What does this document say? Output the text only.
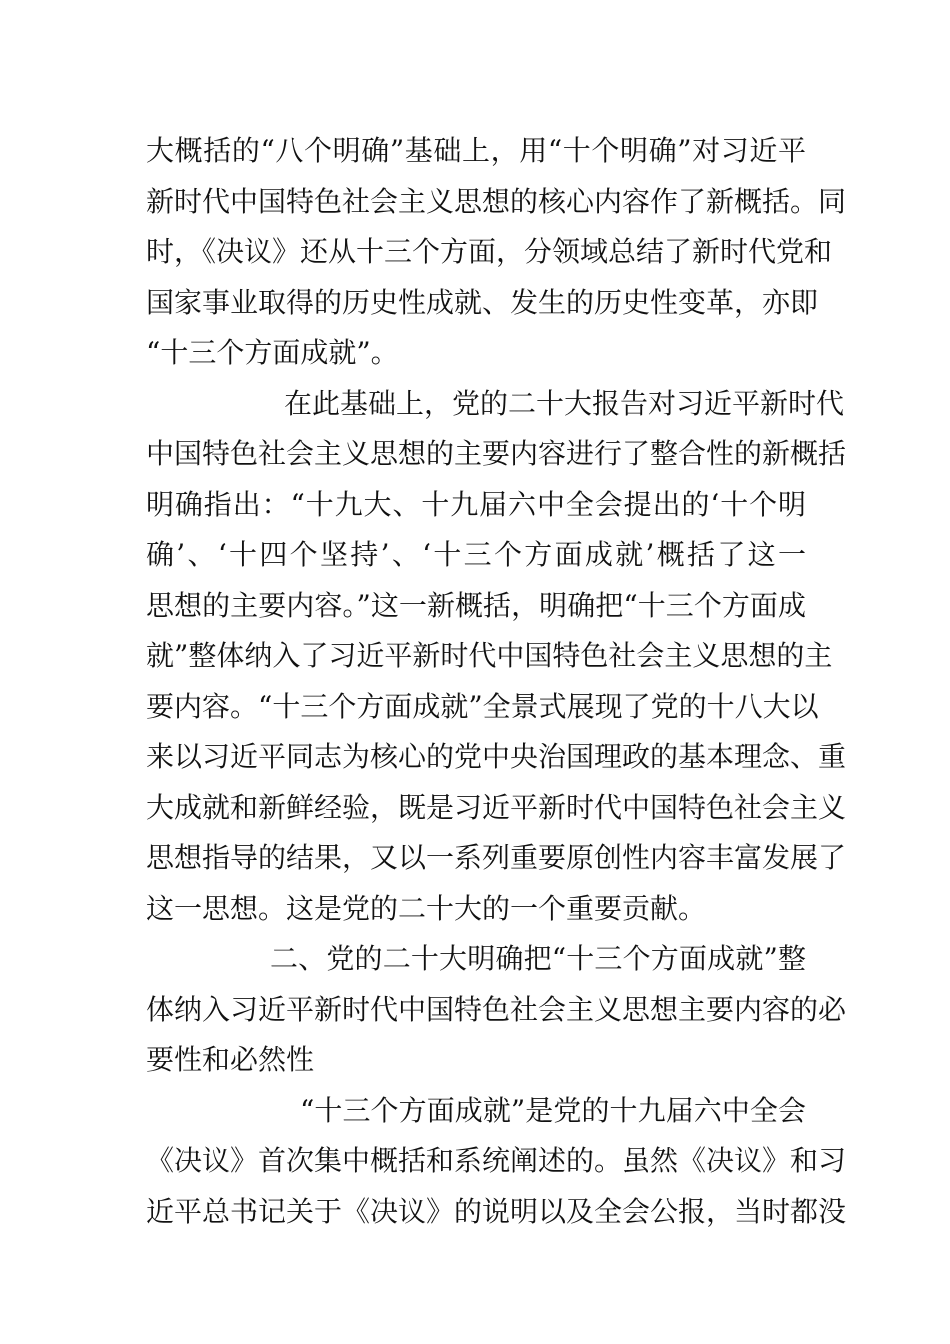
大概括的“八个明确”基础上，用“十个明确”对习近平
新时代中国特色社会主义思想的核心内容作了新概括。同
时，《决议》还从十三个方面，分领域总结了新时代党和
国家事业取得的历史性成就、发生的历史性变革，亦即
“十三个方面成就”。
在此基础上，党的二十大报告对习近平新时代
中国特色社会主义思想的主要内容进行了整合性的新概括
明确指出：“十九大、十九届六中全会提出的‘十个明
确’、‘十四个坚持’、‘十三个方面成就’概括了这一
思想的主要内容。”这一新概括，明确把“十三个方面成
就”整体纳入了习近平新时代中国特色社会主义思想的主
要内容。“十三个方面成就”全景式展现了党的十八大以
来以习近平同志为核心的党中央治国理政的基本理念、重
大成就和新鲜经验，既是习近平新时代中国特色社会主义
思想指导的结果，又以一系列重要原创性内容丰富发展了
这一思想。这是党的二十大的一个重要贡献。
二、党的二十大明确把“十三个方面成就”整
体纳入习近平新时代中国特色社会主义思想主要内容的必
要性和必然性
“十三个方面成就”是党的十九届六中全会
《决议》首次集中概括和系统阐述的。虽然《决议》和习
近平总书记关于《决议》的说明以及全会公报，当时都没
